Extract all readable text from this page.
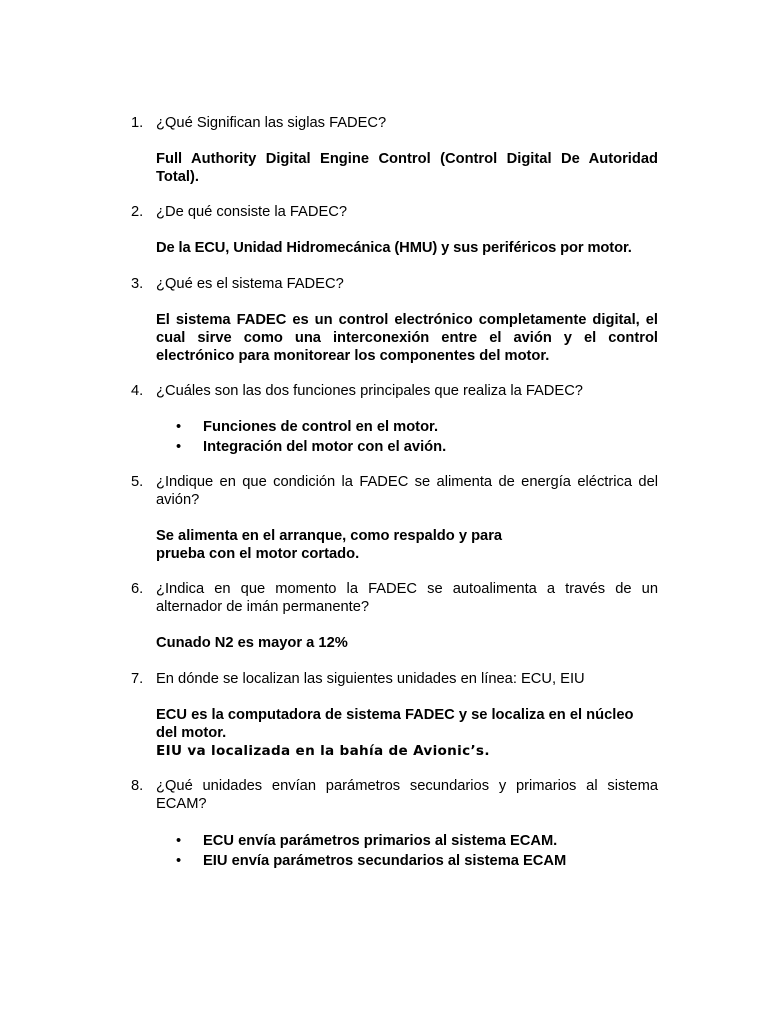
1. ¿Qué Significan las siglas FADEC?
Full Authority Digital Engine Control (Control Digital De Autoridad Total).
2. ¿De qué consiste la FADEC?
De la ECU, Unidad Hidromecánica (HMU) y sus periféricos por motor.
3. ¿Qué es el sistema FADEC?
El sistema FADEC es un control electrónico completamente digital, el cual sirve como una interconexión entre el avión y el control electrónico para monitorear los componentes del motor.
4. ¿Cuáles son las dos funciones principales que realiza la FADEC?
• Funciones de control en el motor.
• Integración del motor con el avión.
5. ¿Indique en que condición la FADEC se alimenta de energía eléctrica del avión?
Se alimenta en el arranque, como respaldo y para
prueba con el motor cortado.
6. ¿Indica en que momento la FADEC se autoalimenta a través de un alternador de imán permanente?
Cunado N2 es mayor a 12%
7. En dónde se localizan las siguientes unidades en línea: ECU, EIU
ECU es la computadora de sistema FADEC y se localiza en el núcleo del motor.
EIU va localizada en la bahía de Avionic’s.
8. ¿Qué unidades envían parámetros secundarios y primarios al sistema ECAM?
• ECU envía parámetros primarios al sistema ECAM.
• EIU envía parámetros secundarios al sistema ECAM
